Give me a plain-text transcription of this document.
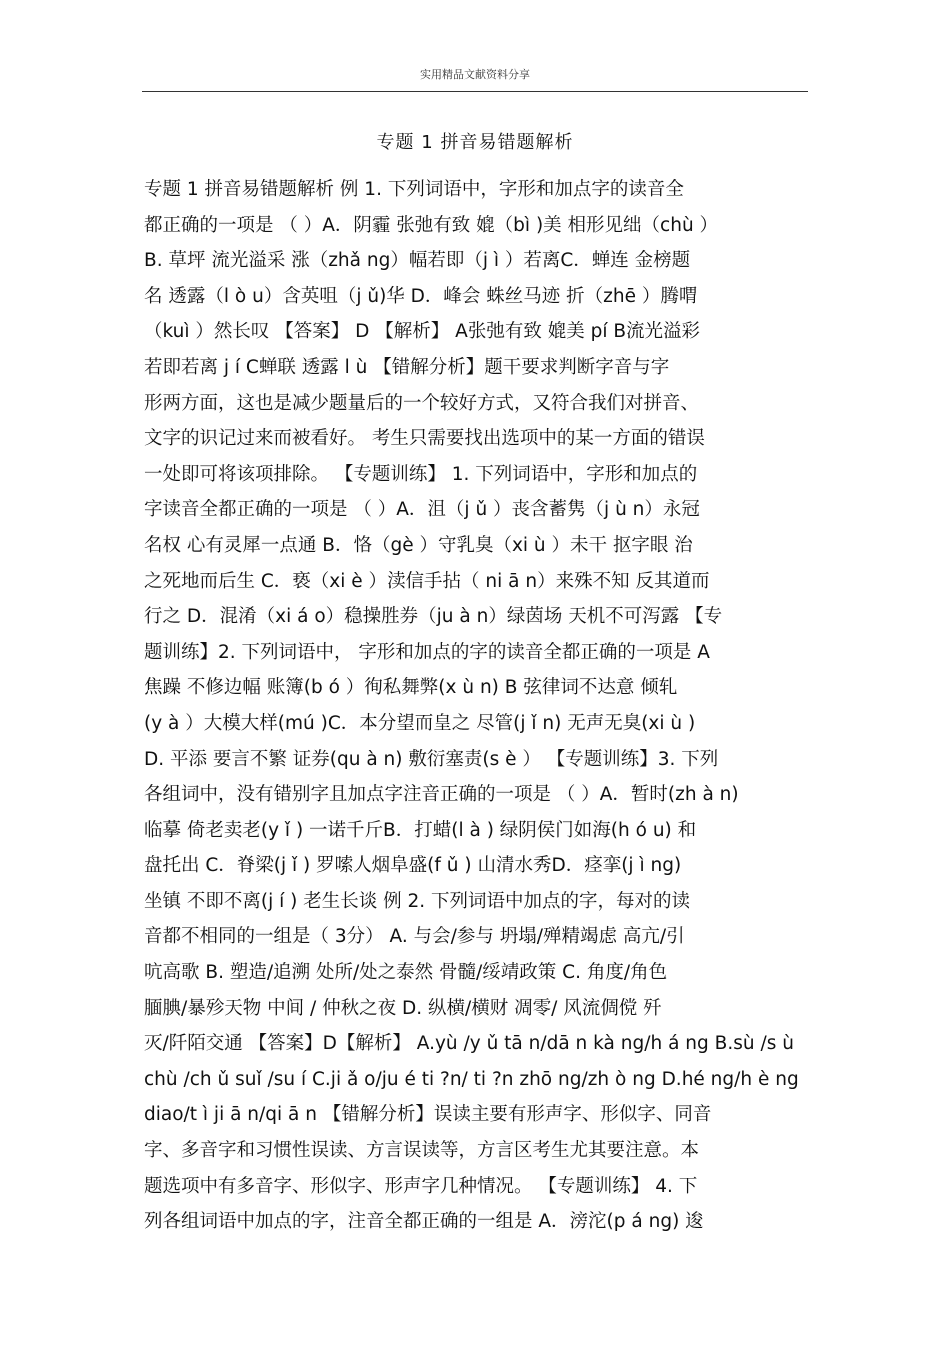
实用精品文献资料分享
专题 1 拼音易错题解析
专题 1 拼音易错题解析 例 1. 下列词语中，字形和加点字的读音全
都正确的一项是 （ ）A．阴霾 张弛有致 媲（bì )美 相形见绌（chù ）
B. 草坪 流光溢采 涨（zhǎ ng）幅若即（j ì ）若离C．蝉连 金榜题
名 透露（l ò u）含英咀（j ǔ)华 D．峰会 蛛丝马迹 折（zhē ）腾喟
（kuì ）然长叹 【答案】 D 【解析】 A张弛有致 媲美 pí B流光溢彩
若即若离 j í C蝉联 透露 l ù 【错解分析】题干要求判断字音与字
形两方面，这也是减少题量后的一个较好方式，又符合我们对拼音、
文字的识记过来而被看好。 考生只需要找出选项中的某一方面的错误
一处即可将该项排除。 【专题训练】 1. 下列词语中，字形和加点的
字读音全都正确的一项是 （ ）A．沮（j ǔ ）丧含蓄隽（j ù n）永冠
名权 心有灵犀一点通 B．恪（gè ）守乳臭（xi ù ）未干 抠字眼 治
之死地而后生 C．亵（xi è ）渎信手拈（ ni ā n）来殊不知 反其道而
行之 D．混淆（xi á o）稳操胜券（ju à n）绿茵场 天机不可泻露 【专
题训练】2. 下列词语中， 字形和加点的字的读音全都正确的一项是 A
焦躁 不修边幅 账簿(b ó ）徇私舞弊(x ù n) B 弦律词不达意 倾轧
(y à ）大模大样(mú )C．本分望而皇之 尽管(j ǐ n) 无声无臭(xi ù )
D. 平添 要言不繁 证券(qu à n) 敷衍塞责(s è ） 【专题训练】3. 下列
各组词中，没有错别字且加点字注音正确的一项是 （ ）A．暂时(zh à n)
临摹 倚老卖老(y ǐ ) 一诺千斤B．打蜡(l à ) 绿阴侯门如海(h ó u) 和
盘托出 C．脊梁(j ǐ ) 罗嗦人烟阜盛(f ǔ ) 山清水秀D．痉挛(j ì ng)
坐镇 不即不离(j í ) 老生长谈 例 2. 下列词语中加点的字，每对的读
音都不相同的一组是（ 3分） A. 与会/参与 坍塌/殚精竭虑 高亢/引
吭高歌 B. 塑造/追溯 处所/处之泰然 骨髓/绥靖政策 C. 角度/角色
腼腆/暴殄天物 中间 / 仲秋之夜 D. 纵横/横财 凋零/ 风流倜傥 歼
灭/阡陌交通 【答案】D【解析】 A.yù /y ǔ tā n/dā n kà ng/h á ng B.sù /s ù
chù /ch ǔ suǐ /su í C.ji ǎ o/ju é ti ?n/ ti ?n zhō ng/zh ò ng D.hé ng/h è ng
diao/t ì ji ā n/qi ā n 【错解分析】误读主要有形声字、形似字、同音
字、多音字和习惯性误读、方言误读等，方言区考生尤其要注意。本
题选项中有多音字、形似字、形声字几种情况。 【专题训练】 4. 下
列各组词语中加点的字，注音全都正确的一组是 A．滂沱(p á ng) 逡
